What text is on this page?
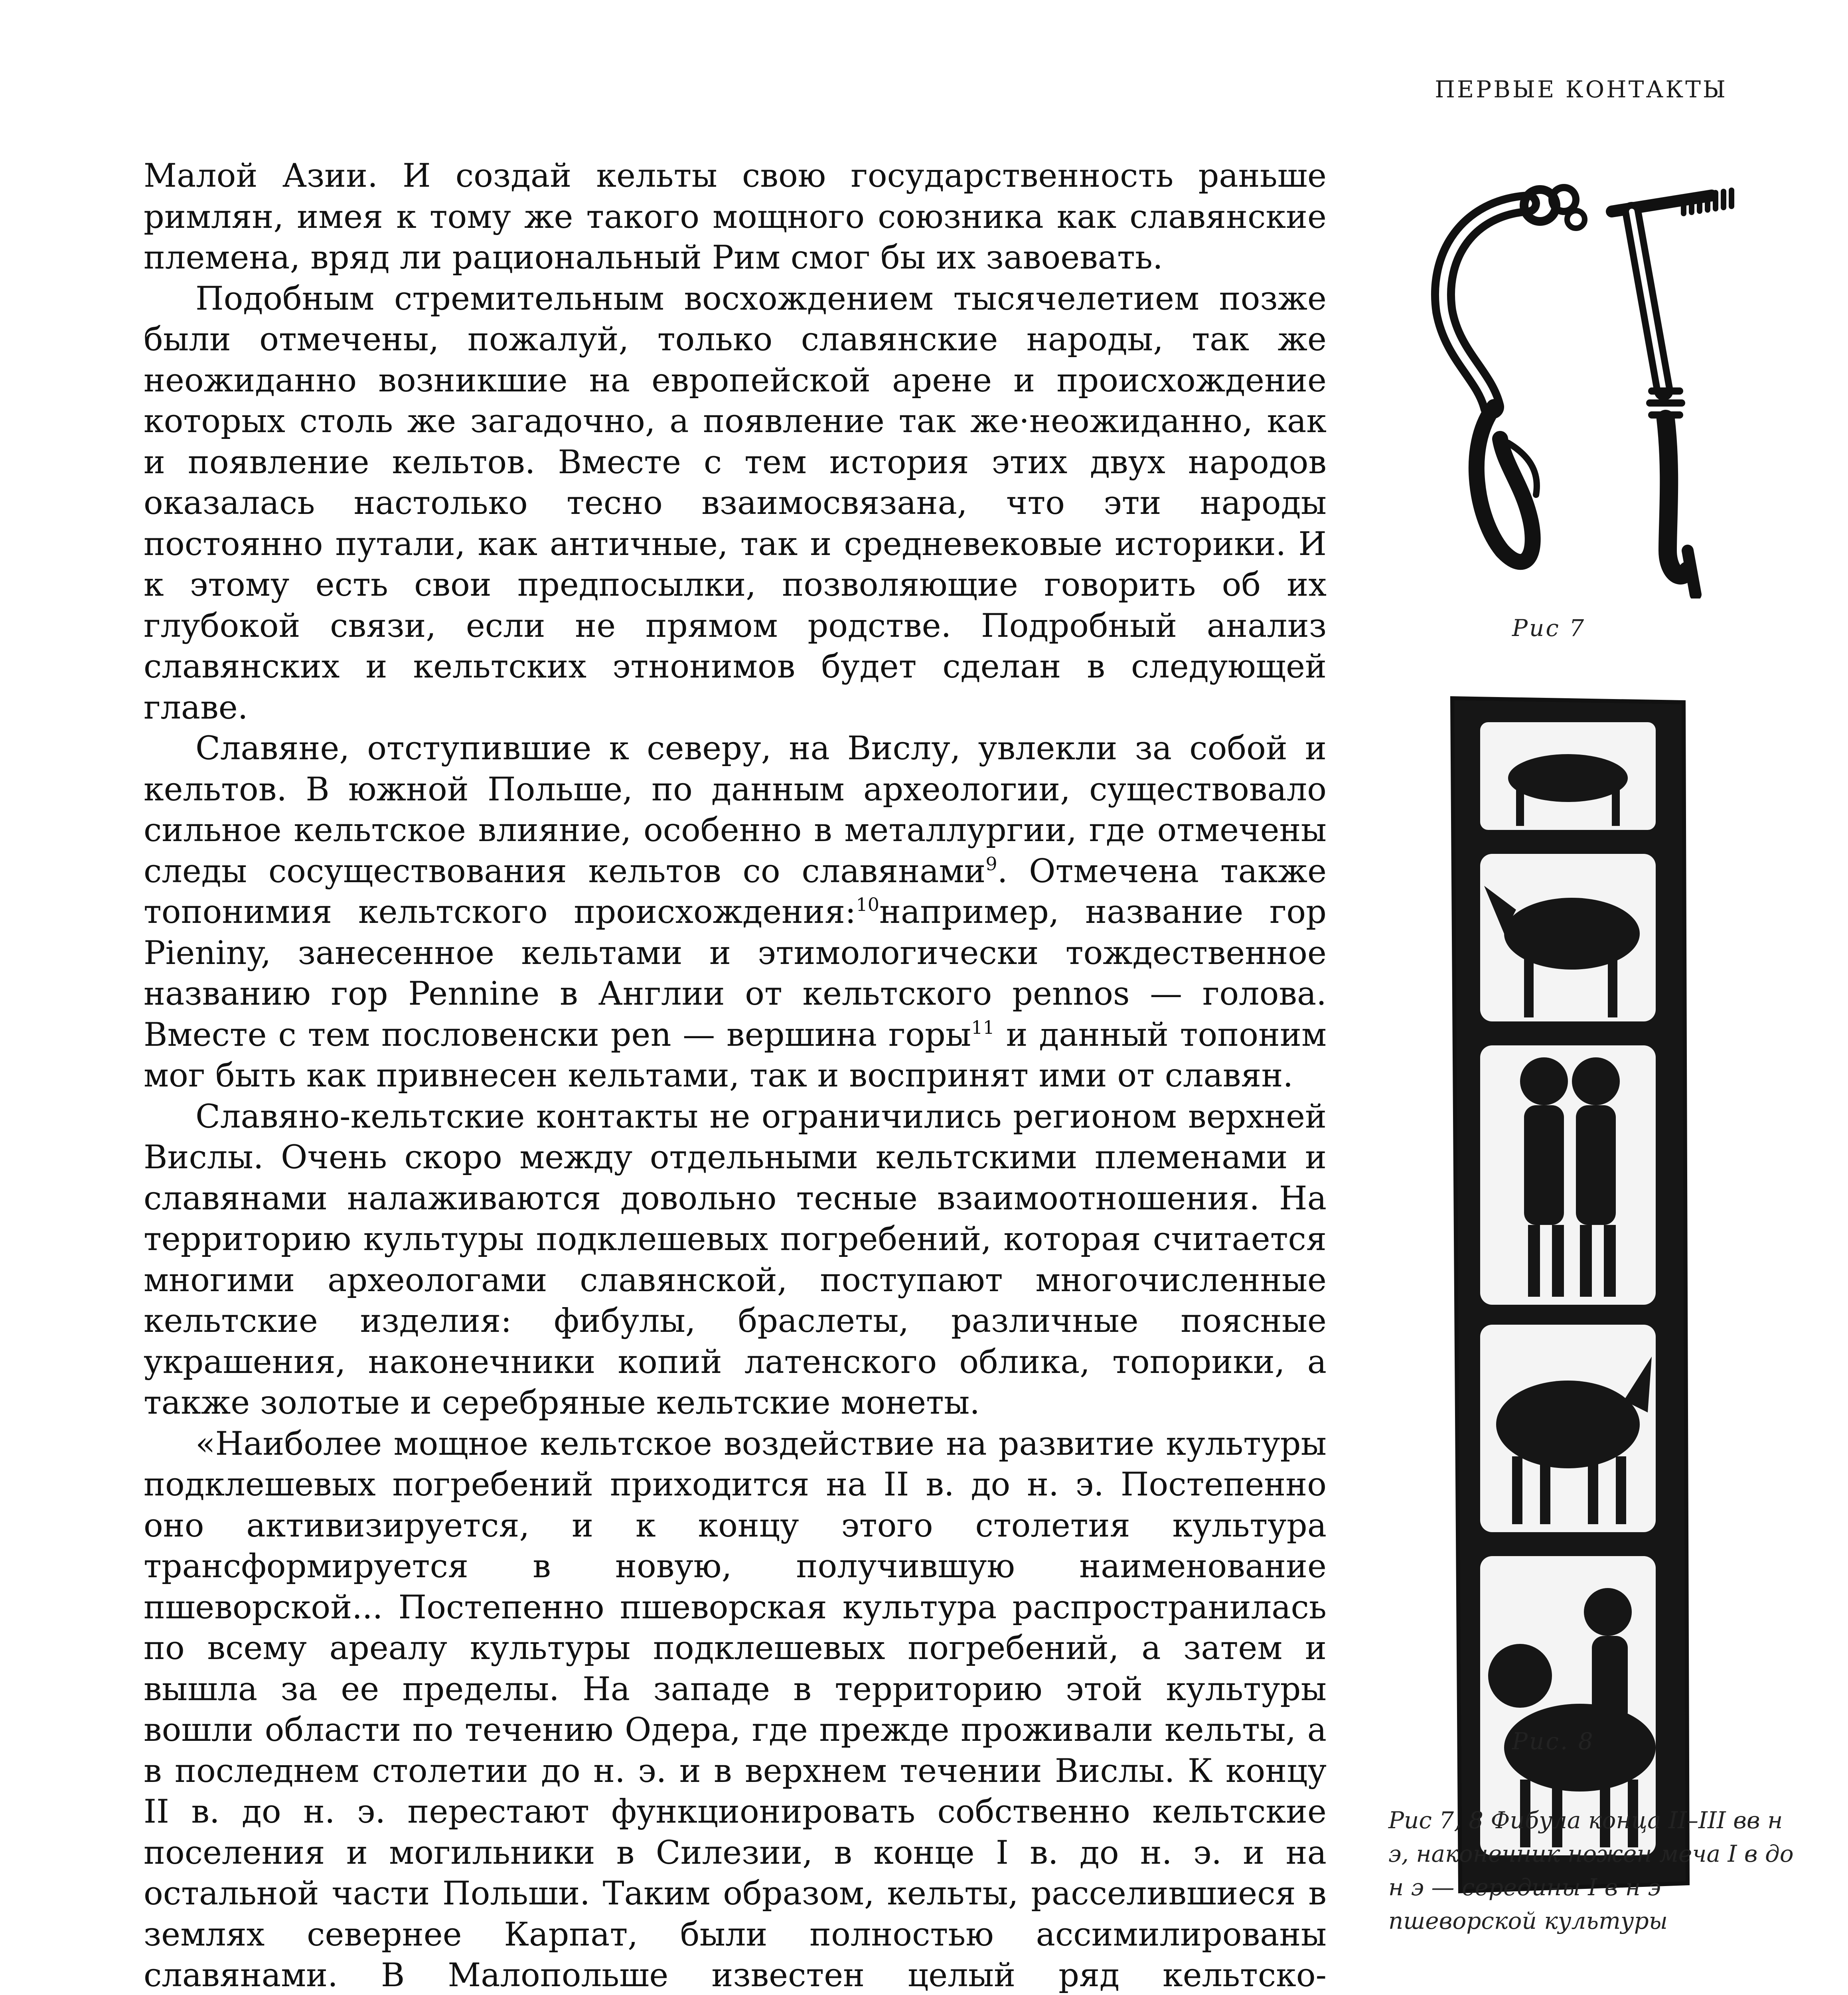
ПЕРВЫЕ КОНТАКТЫ

Малой Азии. И создай кельты свою государственность раньше римлян, имея к тому же такого мощного союзника как славянские племена, вряд ли рациональный Рим смог бы их завоевать.

Подобным стремительным восхождением тысячелетием позже были отмечены, пожалуй, только славянские народы, так же неожиданно возникшие на европейской арене и происхождение которых столь же загадочно, а появление так же·неожиданно, как и появление кельтов. Вместе с тем история этих двух народов оказалась настолько тесно взаимосвязана, что эти народы постоянно путали, как античные, так и средневековые историки. И к этому есть свои предпосылки, позволяющие говорить об их глубокой связи, если не прямом родстве. Подробный анализ славянских и кельтских этнонимов будет сделан в следующей главе.

Славяне, отступившие к северу, на Вислу, увлекли за собой и кельтов. В южной Польше, по данным археологии, существовало сильное кельтское влияние, особенно в металлургии, где отмечены следы сосуществования кельтов со славянами$^9$. Отмечена также топонимия кельтского происхождения:$^{10}$например, название гор Pieniny, занесенное кельтами и этимологически тождественное названию гор Pennine в Англии от кельтского pennos — голова. Вместе с тем пословенски pen — вершина горы$^{11}$ и данный топоним мог быть как привнесен кельтами, так и воспринят ими от славян.

Славяно-кельтские контакты не ограничились регионом верхней Вислы. Очень скоро между отдельными кельтскими племенами и славянами налаживаются довольно тесные взаимоотношения. На территорию культуры подклешевых погребений, которая считается многими археологами славянской, поступают многочисленные кельтские изделия: фибулы, браслеты, различные поясные украшения, наконечники копий латенского облика, топорики, а также золотые и серебряные кельтские монеты.

«Наиболее мощное кельтское воздействие на развитие культуры подклешевых погребений приходится на II в. до н. э. Постепенно оно активизируется, и к концу этого столетия культура трансформируется в новую, получившую наименование пшеворской... Постепенно пшеворская культура распространилась по всему ареалу культуры подклешевых погребений, а затем и вышла за ее пределы. На западе в территорию этой культуры вошли области по течению Одера, где прежде проживали кельты, а в последнем столетии до н. э. и в верхнем течении Вислы. К концу II в. до н. э. перестают функционировать собственно кельтские поселения и могильники в Силезии, в конце I в. до н. э. и на остальной части Польши. Таким образом, кельты, расселившиеся в землях севернее Карпат, были полностью ассимилированы славянами. В Малопольше известен целый ряд кельтско-

Рис 7
Рис. 8
Рис 7, 8 Фибула конца II–III вв н э, наконечник ножен меча I в до н э — середины I в н э пшеворской культуры
